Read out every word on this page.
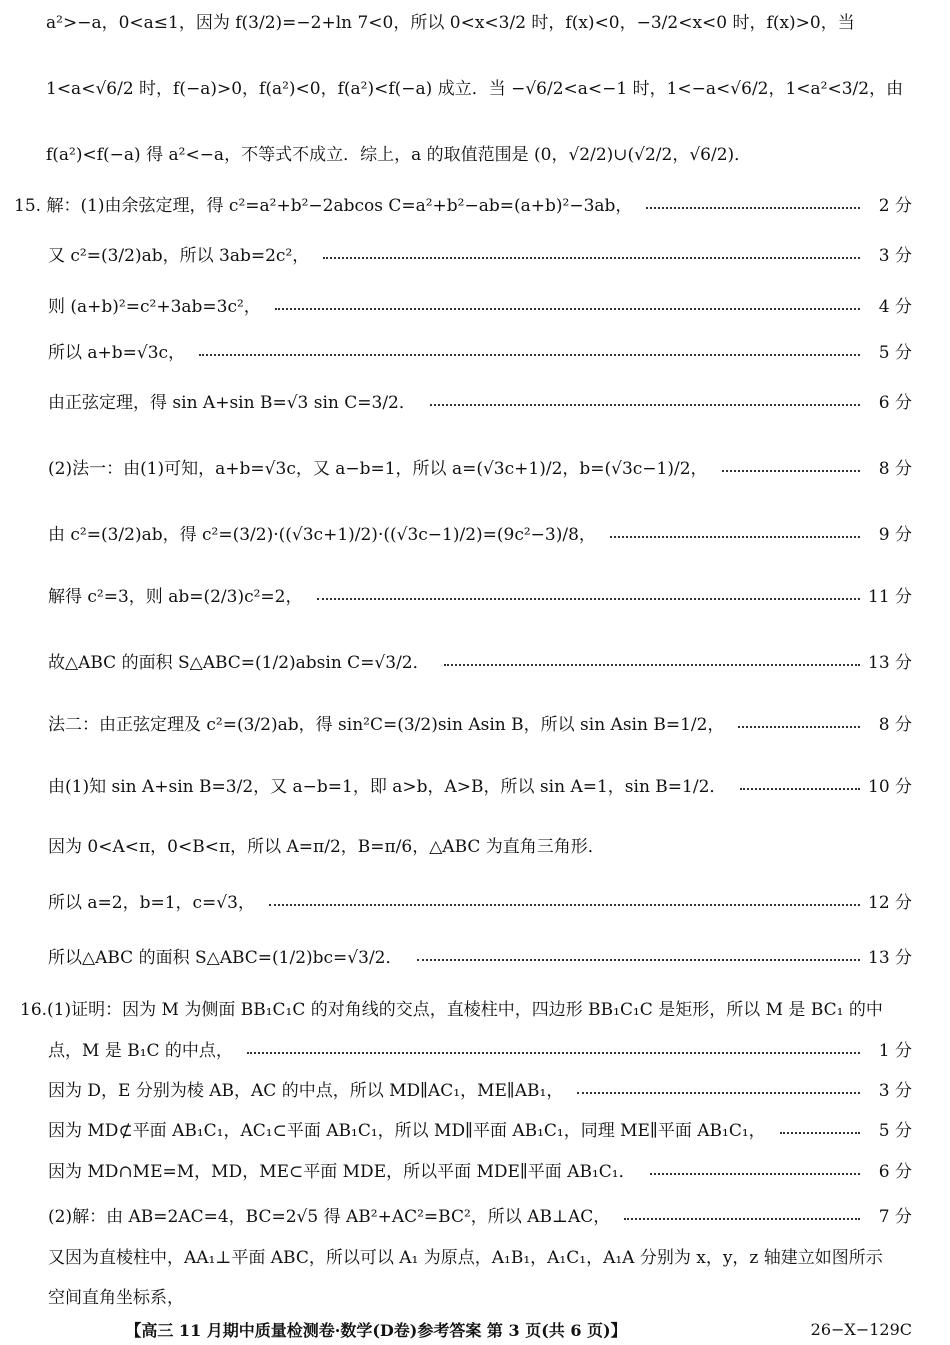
a²>−a，0<a≤1，因为 f(3/2)=−2+ln 7<0，所以 0<x<3/2 时，f(x)<0，−3/2<x<0 时，f(x)>0，当
1<a<√6/2 时，f(−a)>0，f(a²)<0，f(a²)<f(−a) 成立．当 −√6/2<a<−1 时，1<−a<√6/2，1<a²<3/2，由
f(a²)<f(−a) 得 a²<−a，不等式不成立．综上，a 的取值范围是 (0，√2/2)∪(√2/2，√6/2)．
15. 解：(1)由余弦定理，得 c²=a²+b²−2abcos C=a²+b²−ab=(a+b)²−3ab，	2 分
又 c²=(3/2)ab，所以 3ab=2c²，	3 分
则 (a+b)²=c²+3ab=3c²，	4 分
所以 a+b=√3c，	5 分
由正弦定理，得 sin A+sin B=√3 sin C=3/2．	6 分
(2)法一：由(1)可知，a+b=√3c，又 a−b=1，所以 a=(√3c+1)/2，b=(√3c−1)/2，	8 分
由 c²=(3/2)ab，得 c²=(3/2)·((√3c+1)/2)·((√3c−1)/2)=(9c²−3)/8，	9 分
解得 c²=3，则 ab=(2/3)c²=2，	11 分
故△ABC 的面积 S△ABC=(1/2)absin C=√3/2．	13 分
法二：由正弦定理及 c²=(3/2)ab，得 sin²C=(3/2)sin Asin B，所以 sin Asin B=1/2，	8 分
由(1)知 sin A+sin B=3/2，又 a−b=1，即 a>b，A>B，所以 sin A=1，sin B=1/2．	10 分
因为 0<A<π，0<B<π，所以 A=π/2，B=π/6，△ABC 为直角三角形．
所以 a=2，b=1，c=√3，	12 分
所以△ABC 的面积 S△ABC=(1/2)bc=√3/2．	13 分
16.(1)证明：因为 M 为侧面 BB₁C₁C 的对角线的交点，直棱柱中，四边形 BB₁C₁C 是矩形，所以 M 是 BC₁ 的中
点，M 是 B₁C 的中点，	1 分
因为 D，E 分别为棱 AB，AC 的中点，所以 MD∥AC₁，ME∥AB₁，	3 分
因为 MD⊄平面 AB₁C₁，AC₁⊂平面 AB₁C₁，所以 MD∥平面 AB₁C₁，同理 ME∥平面 AB₁C₁，	5 分
因为 MD∩ME=M，MD，ME⊂平面 MDE，所以平面 MDE∥平面 AB₁C₁．	6 分
(2)解：由 AB=2AC=4，BC=2√5 得 AB²+AC²=BC²，所以 AB⊥AC，	7 分
又因为直棱柱中，AA₁⊥平面 ABC，所以可以 A₁ 为原点，A₁B₁，A₁C₁，A₁A 分别为 x，y，z 轴建立如图所示
空间直角坐标系，
【高三 11 月期中质量检测卷·数学(D卷)参考答案 第 3 页(共 6 页)】	26−X−129C
